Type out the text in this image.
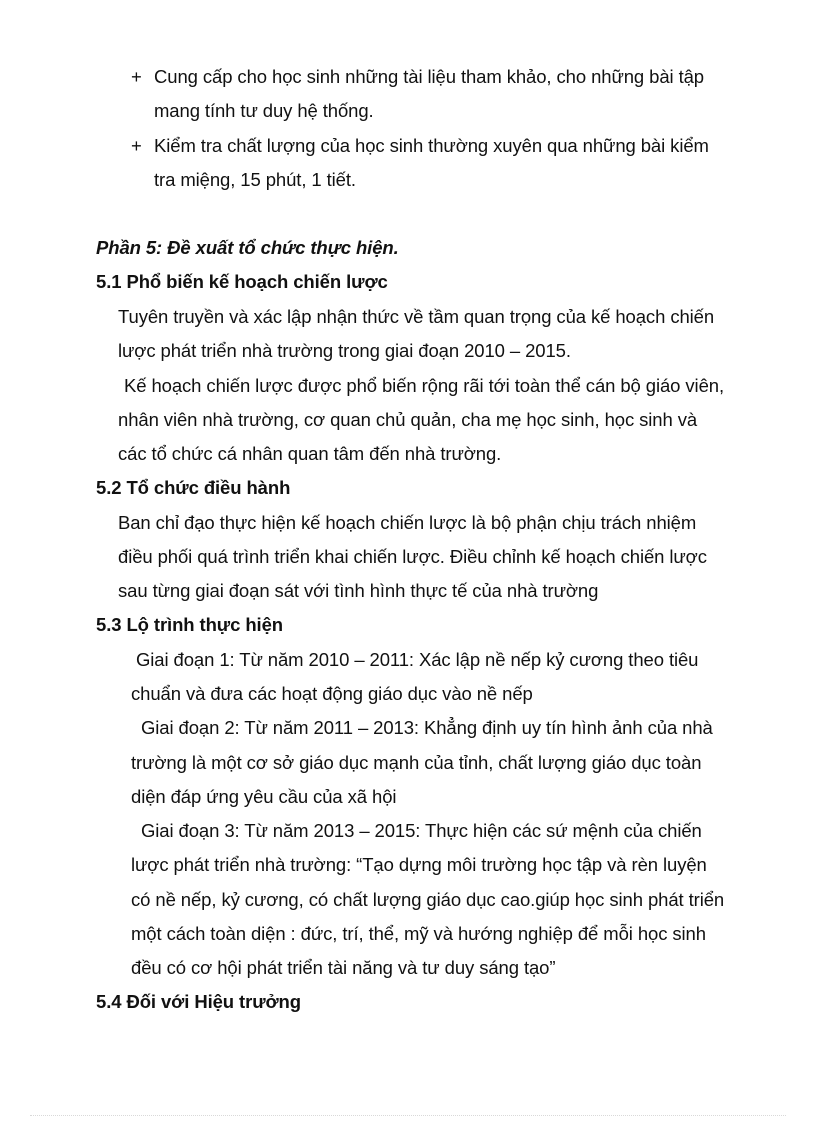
+ Cung cấp cho học sinh những tài liệu tham khảo, cho những bài tập
mang tính tư duy hệ thống.
+ Kiểm tra chất lượng của học sinh thường xuyên qua những bài kiểm
tra miệng, 15 phút, 1 tiết.
Phần 5: Đề xuất tổ chức thực hiện.
5.1 Phổ biến kế hoạch chiến lược
Tuyên truyền và xác lập nhận thức về tầm quan trọng của kế hoạch chiến
lược phát triển nhà trường trong giai đoạn 2010 – 2015.
Kế hoạch chiến lược được phổ biến rộng rãi tới toàn thể cán bộ giáo viên,
nhân viên nhà trường, cơ quan chủ quản, cha mẹ học sinh, học sinh và
các tổ chức cá nhân quan tâm đến nhà trường.
5.2 Tổ chức điều hành
Ban chỉ đạo thực hiện kế hoạch chiến lược là bộ phận chịu trách nhiệm
điều phối quá trình triển khai chiến lược. Điều chỉnh kế hoạch chiến lược
sau từng giai đoạn sát với tình hình thực tế của nhà trường
5.3 Lộ trình thực hiện
Giai đoạn 1: Từ năm 2010 – 2011: Xác lập nề nếp kỷ cương theo tiêu
chuẩn và đưa các hoạt động giáo dục vào nề nếp
Giai đoạn 2: Từ năm 2011 – 2013: Khẳng định uy tín hình ảnh của nhà
trường là một cơ sở giáo dục mạnh của tỉnh, chất lượng giáo dục toàn
diện đáp ứng yêu cầu của xã hội
Giai đoạn 3: Từ năm 2013 – 2015: Thực hiện các sứ mệnh của chiến
lược phát triển nhà trường: “Tạo dựng môi trường học tập và rèn luyện
có nề nếp, kỷ cương, có chất lượng giáo dục cao.giúp học sinh phát triển
một cách toàn diện : đức, trí, thể, mỹ và hướng nghiệp để mỗi học sinh
đều có cơ hội phát triển tài năng và tư duy sáng tạo”
5.4 Đối với Hiệu trưởng
